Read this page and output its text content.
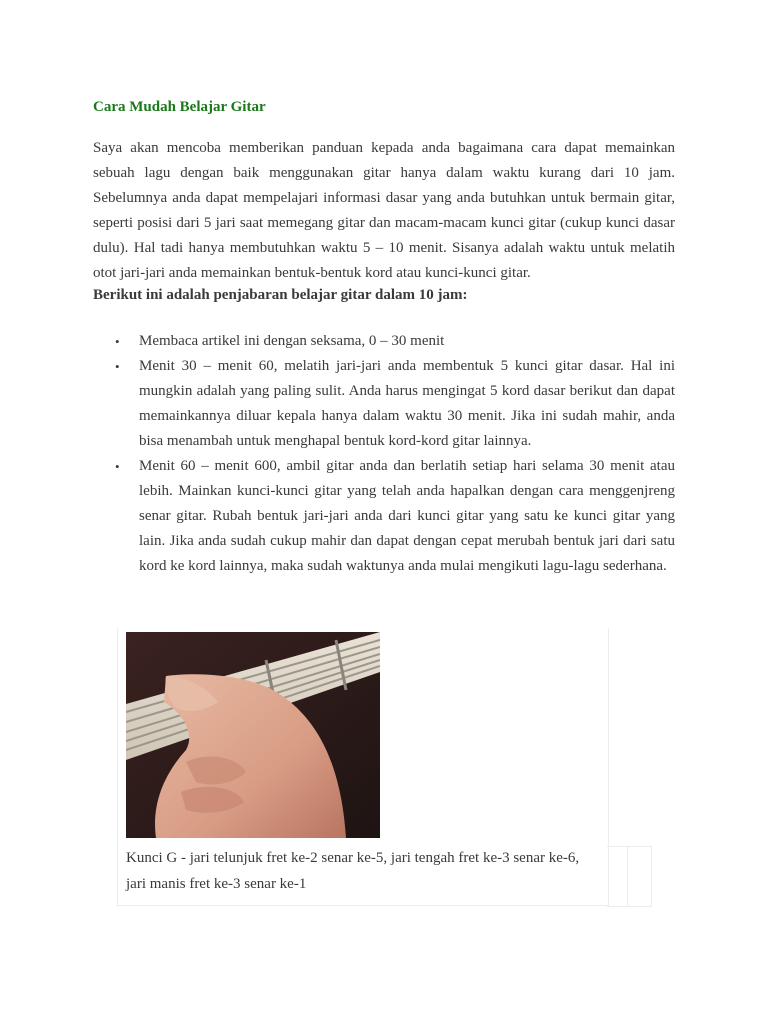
Cara Mudah Belajar Gitar
Saya akan mencoba memberikan panduan kepada anda bagaimana cara dapat memainkan sebuah lagu dengan baik menggunakan gitar hanya dalam waktu kurang dari 10 jam. Sebelumnya anda dapat mempelajari informasi dasar yang anda butuhkan untuk bermain gitar, seperti posisi dari 5 jari saat memegang gitar dan macam-macam kunci gitar (cukup kunci dasar dulu). Hal tadi hanya membutuhkan waktu 5 – 10 menit. Sisanya adalah waktu untuk melatih otot jari-jari anda memainkan bentuk-bentuk kord atau kunci-kunci gitar.
Berikut ini adalah penjabaran belajar gitar dalam 10 jam:
• Membaca artikel ini dengan seksama, 0 – 30 menit
• Menit 30 – menit 60, melatih jari-jari anda membentuk 5 kunci gitar dasar. Hal ini mungkin adalah yang paling sulit. Anda harus mengingat 5 kord dasar berikut dan dapat memainkannya diluar kepala hanya dalam waktu 30 menit. Jika ini sudah mahir, anda bisa menambah untuk menghapal bentuk kord-kord gitar lainnya.
• Menit 60 – menit 600, ambil gitar anda dan berlatih setiap hari selama 30 menit atau lebih. Mainkan kunci-kunci gitar yang telah anda hapalkan dengan cara menggenjreng senar gitar. Rubah bentuk jari-jari anda dari kunci gitar yang satu ke kunci gitar yang lain. Jika anda sudah cukup mahir dan dapat dengan cepat merubah bentuk jari dari satu kord ke kord lainnya, maka sudah waktunya anda mulai mengikuti lagu-lagu sederhana.
Kunci G - jari telunjuk fret ke-2 senar ke-5, jari tengah fret ke-3 senar ke-6, jari manis fret ke-3 senar ke-1
